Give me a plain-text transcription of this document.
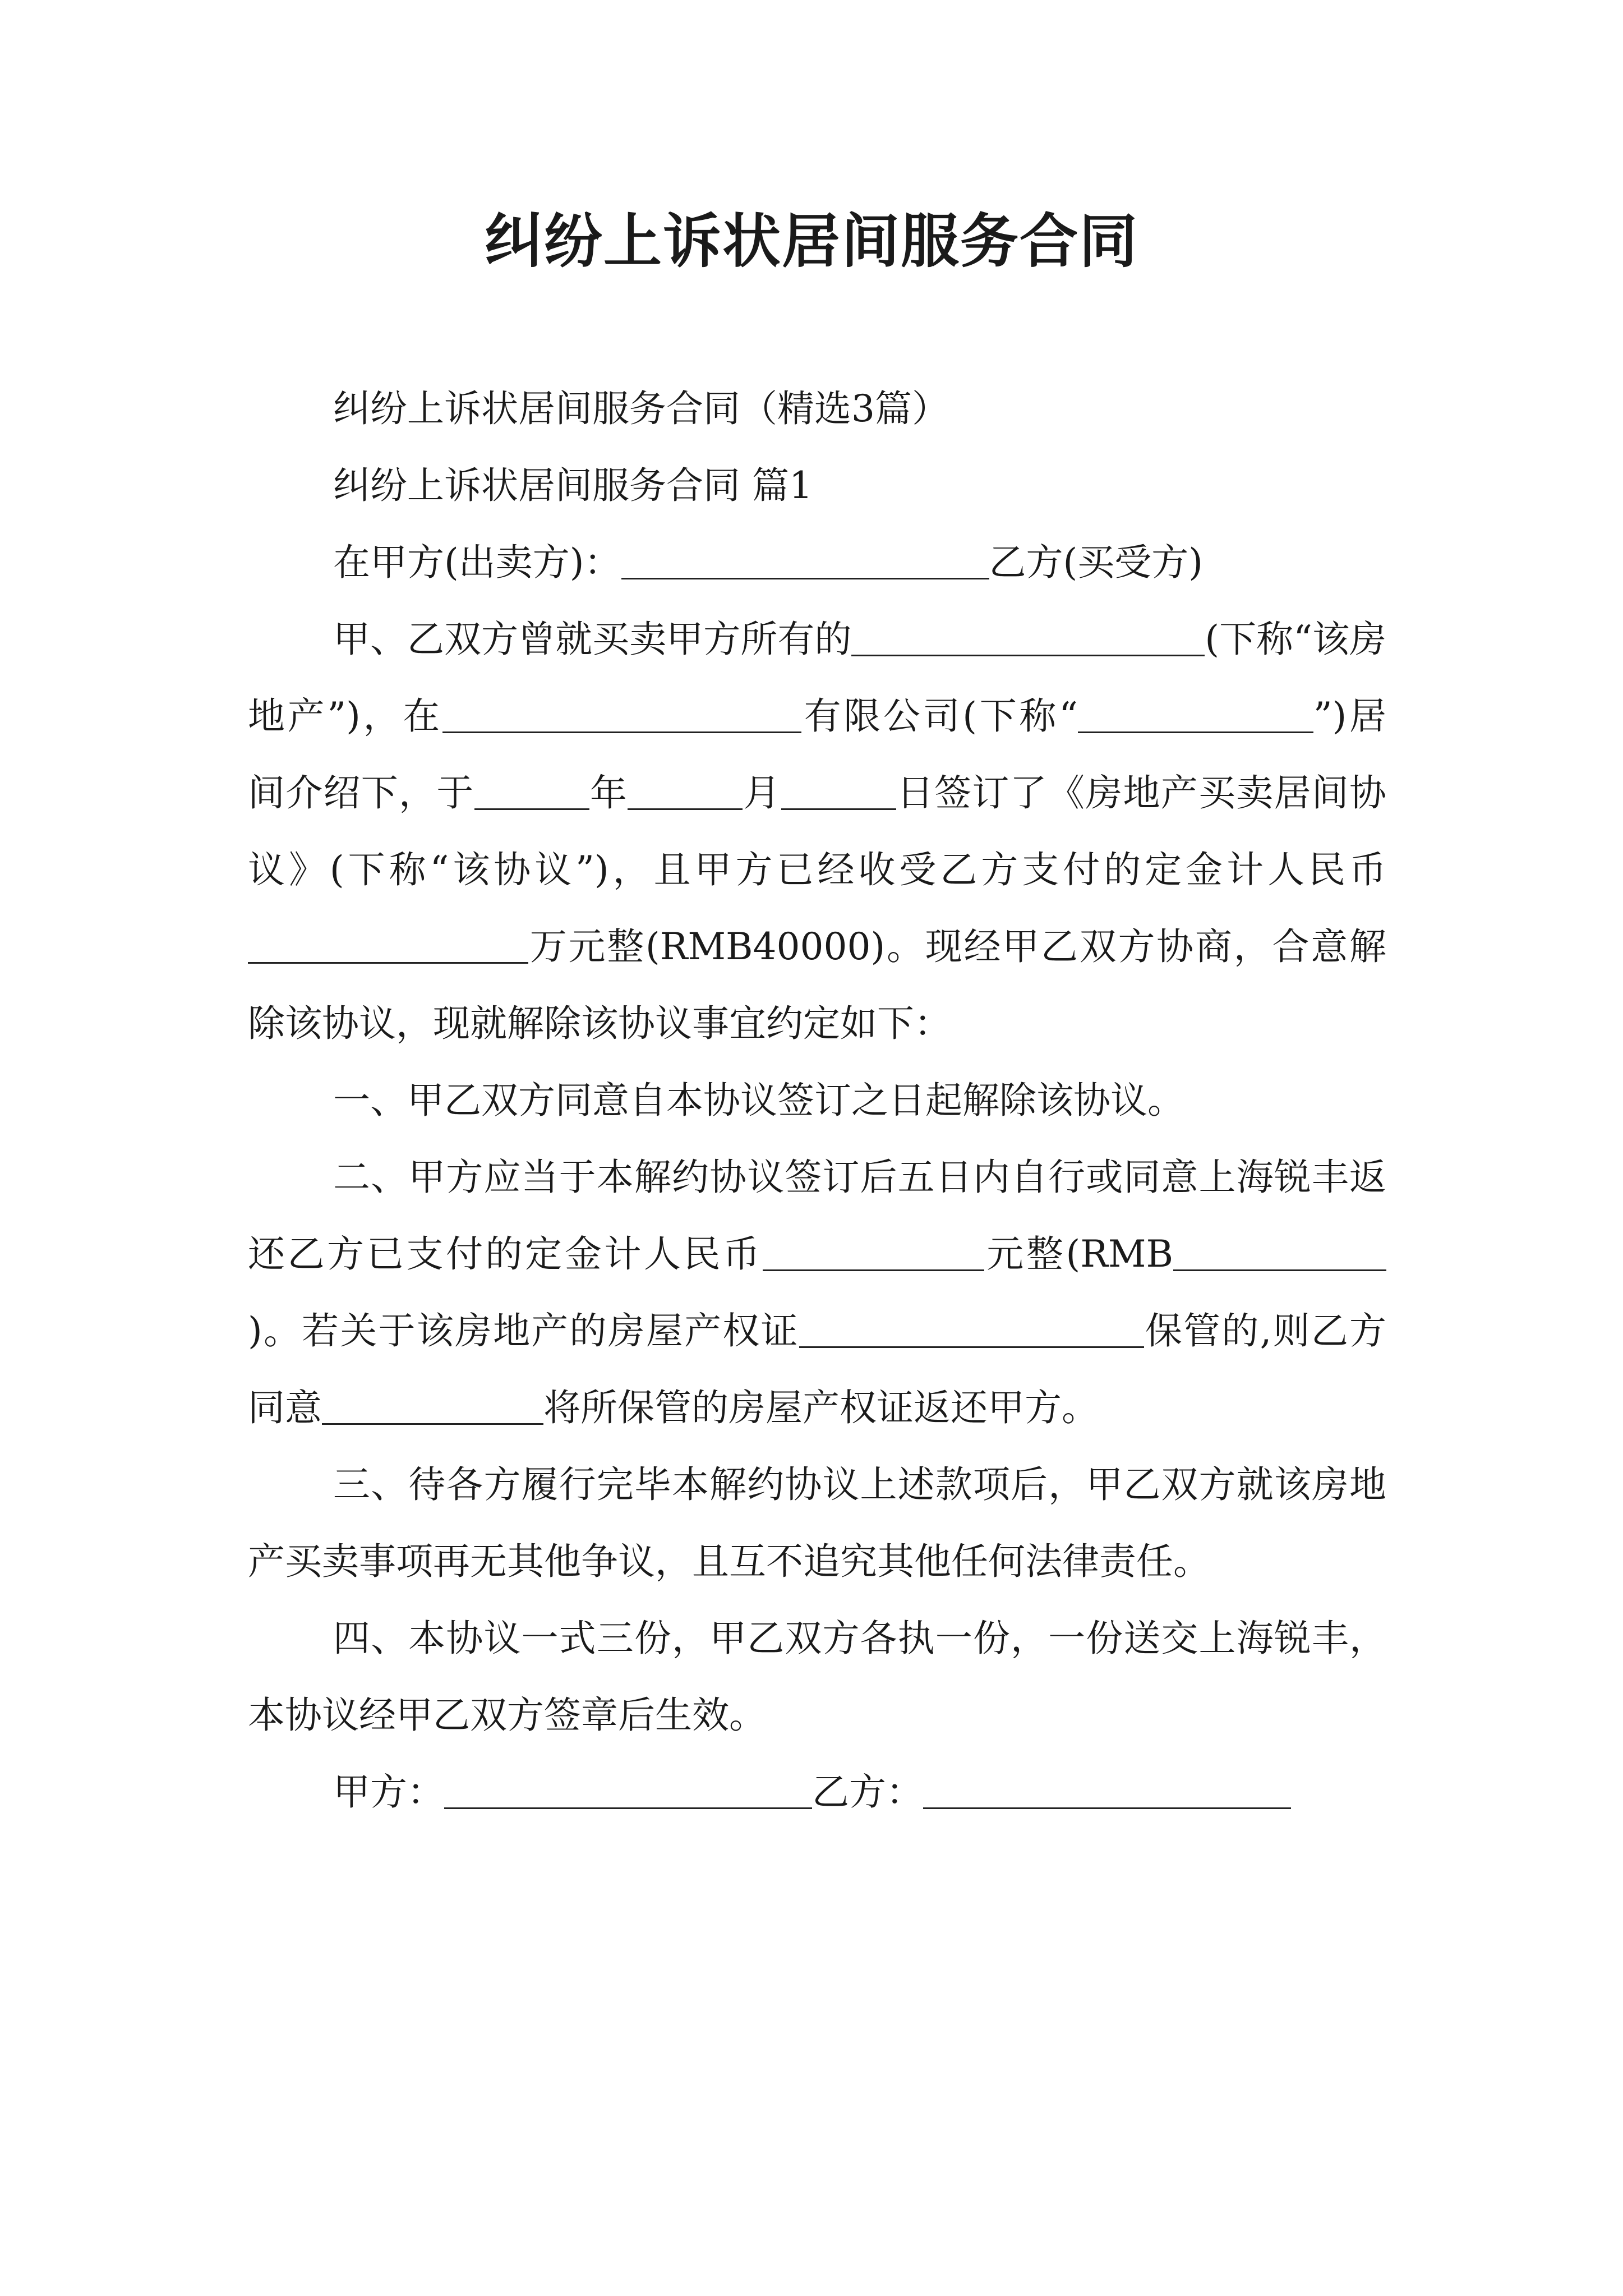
纠纷上诉状居间服务合同

纠纷上诉状居间服务合同（精选3篇）

纠纷上诉状居间服务合同 篇1

在甲方(出卖方)：	乙方(买受方)

甲、乙双方曾就买卖甲方所有的	(下称“该房地产”)，在	有限公司(下称“	”)居间介绍下，于	年	月	日签订了《房地产买卖居间协议》(下称“该协议”)，且甲方已经收受乙方支付的定金计人民币万元整(RMB40000)。现经甲乙双方协商，合意解除该协议，现就解除该协议事宜约定如下：

一、甲乙双方同意自本协议签订之日起解除该协议。

二、甲方应当于本解约协议签订后五日内自行或同意上海锐丰返还乙方已支付的定金计人民币	元整(RMB)。若关于该房地产的房屋产权证	保管的,则乙方同意	将所保管的房屋产权证返还甲方。

三、待各方履行完毕本解约协议上述款项后，甲乙双方就该房地产买卖事项再无其他争议，且互不追究其他任何法律责任。

四、本协议一式三份，甲乙双方各执一份，一份送交上海锐丰，本协议经甲乙双方签章后生效。

甲方：	乙方：
